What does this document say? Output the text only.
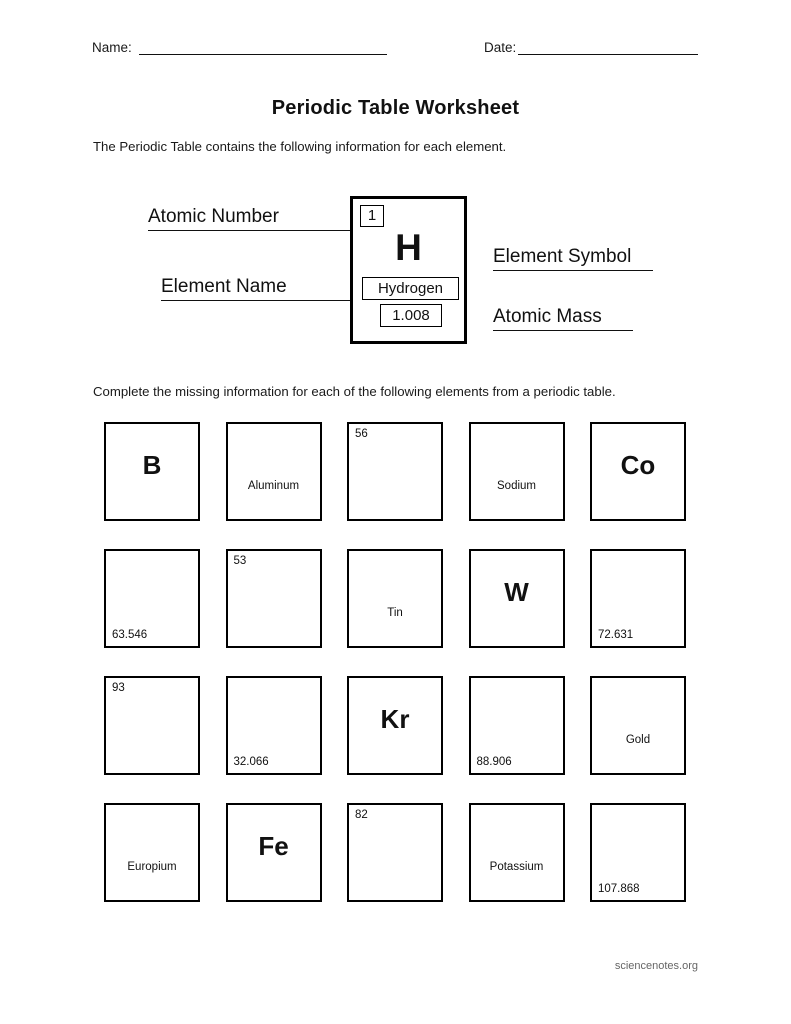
Name:	Date:
Periodic Table Worksheet
The Periodic Table contains the following information for each element.
Atomic Number
Element Name
Element Symbol
Atomic Mass
1
H
Hydrogen
1.008
Complete the missing information for each of the following elements from a periodic table.
B
Aluminum
56
Sodium
Co
63.546
53
Tin
W
72.631
93
32.066
Kr
88.906
Gold
Europium
Fe
82
Potassium
107.868
sciencenotes.org
